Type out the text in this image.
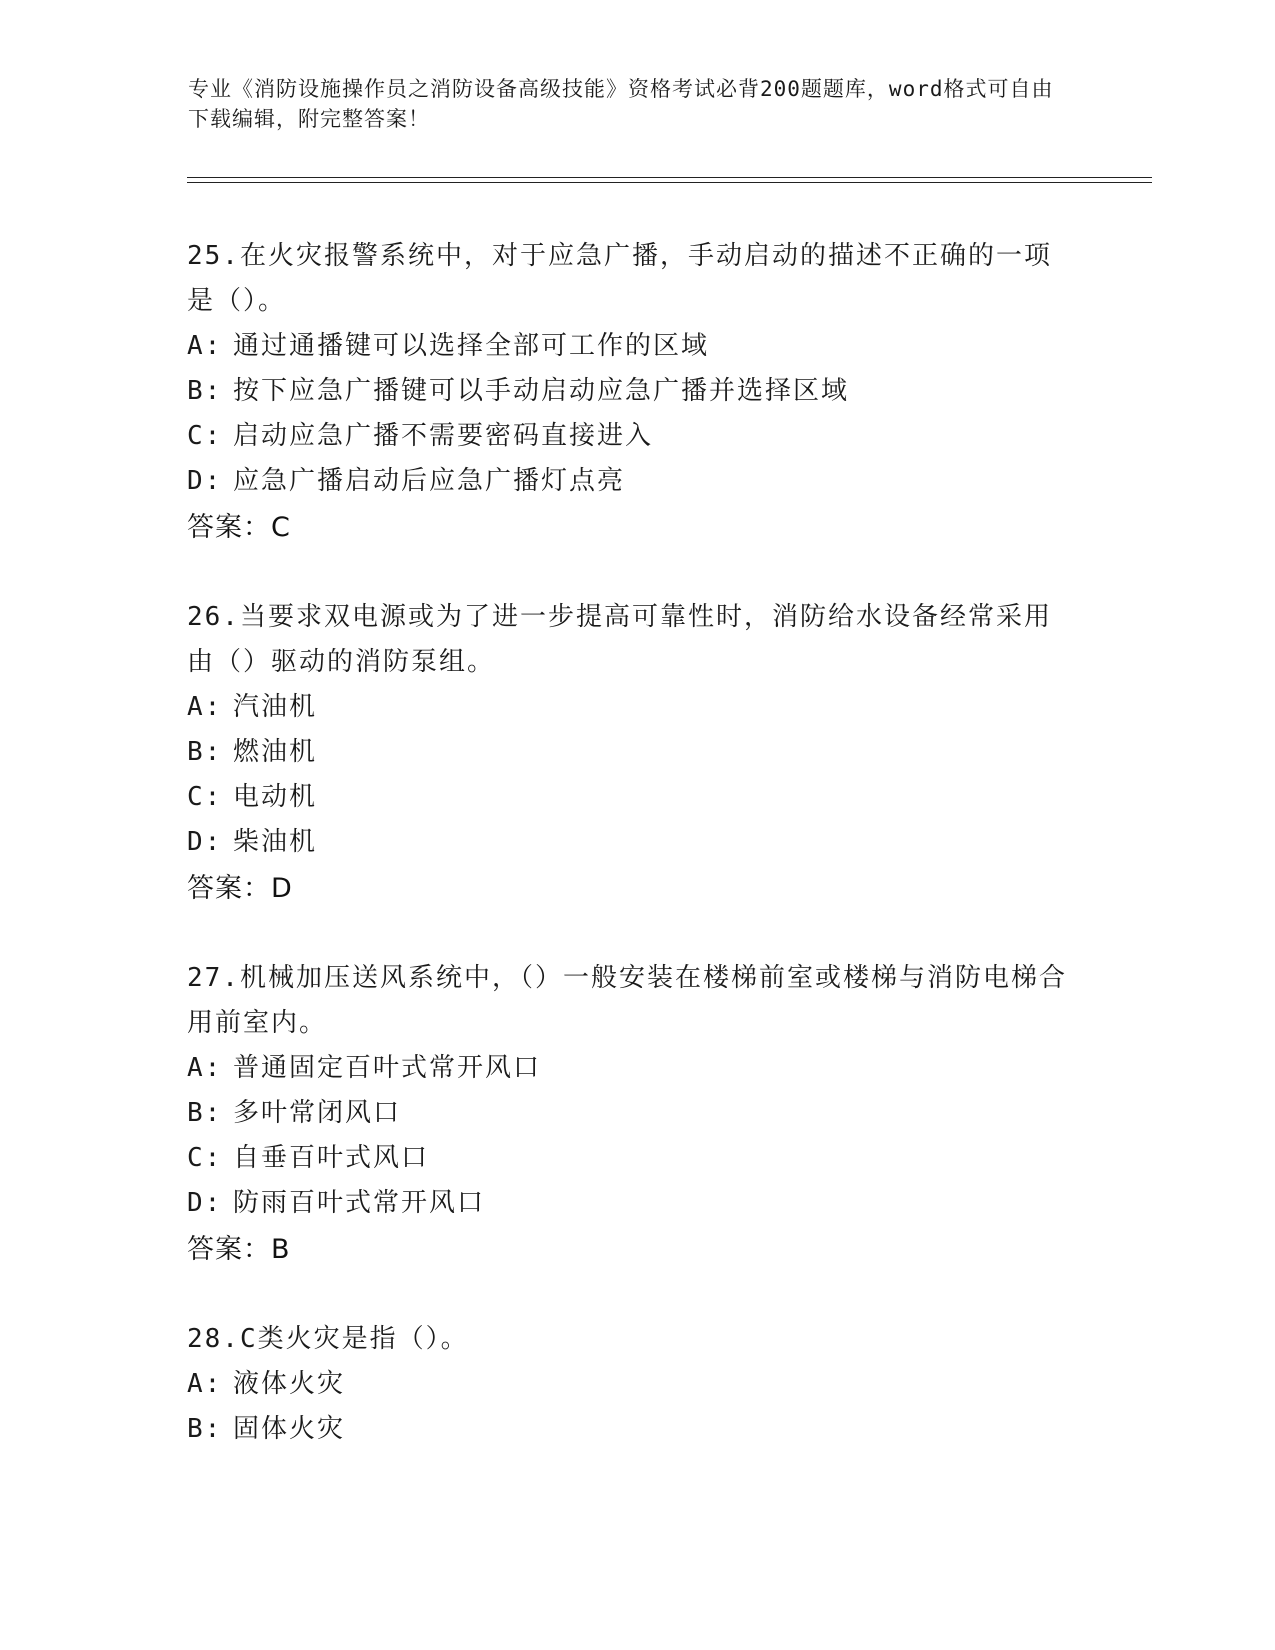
专业《消防设施操作员之消防设备高级技能》资格考试必背200题题库，word格式可自由下载编辑，附完整答案！

25.在火灾报警系统中，对于应急广播，手动启动的描述不正确的一项是（）。

A: 通过通播键可以选择全部可工作的区域

B: 按下应急广播键可以手动启动应急广播并选择区域

C: 启动应急广播不需要密码直接进入

D: 应急广播启动后应急广播灯点亮

答案：C

26.当要求双电源或为了进一步提高可靠性时，消防给水设备经常采用由（）驱动的消防泵组。

A: 汽油机

B: 燃油机

C: 电动机

D: 柴油机

答案：D

27.机械加压送风系统中，（）一般安装在楼梯前室或楼梯与消防电梯合用前室内。

A: 普通固定百叶式常开风口

B: 多叶常闭风口

C: 自垂百叶式风口

D: 防雨百叶式常开风口

答案：B

28.C类火灾是指（）。

A: 液体火灾

B: 固体火灾
